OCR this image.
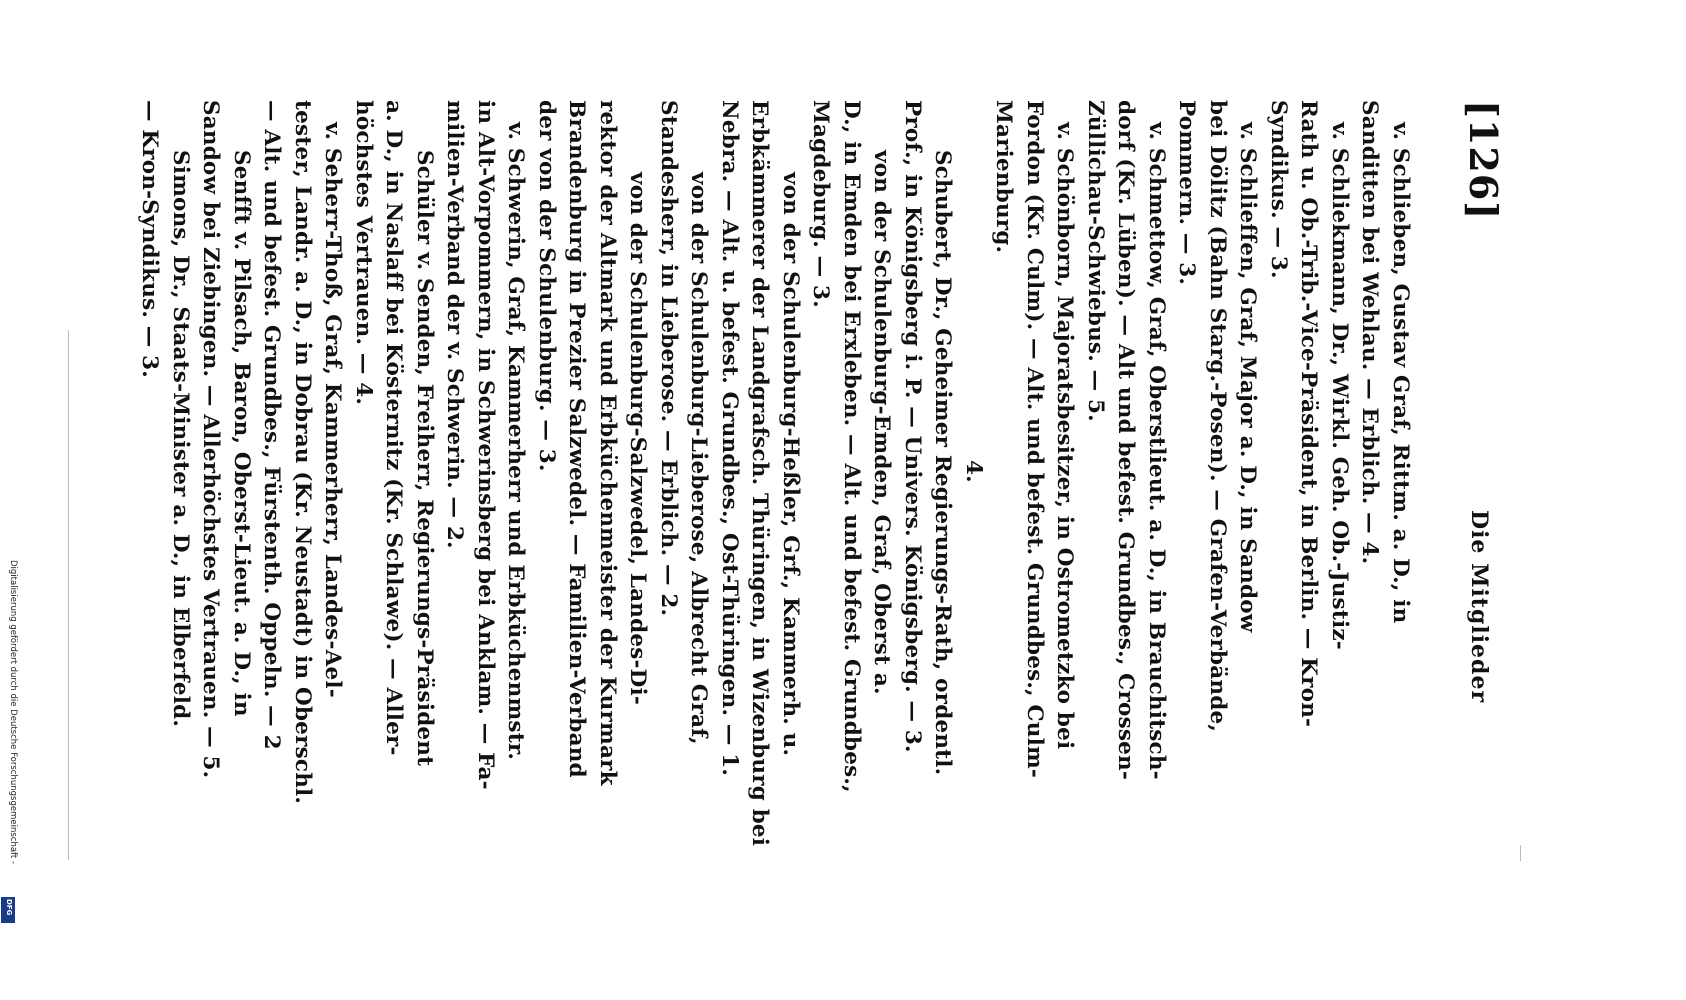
[126]
Die Mitglieder
v. Schlieben, Gustav Graf, Rittm. a. D., in
Sanditten bei Wehlau. — Erblich. — 4.
v. Schliekmann, Dr., Wirkl. Geh. Ob.-Justiz-
Rath u. Ob.-Trib.-Vice-Präsident, in Berlin. — Kron-
Syndikus. — 3.
v. Schlieffen, Graf, Major a. D., in Sandow
bei Dölitz (Bahn Starg.-Posen). — Grafen-Verbände,
Pommern. — 3.
v. Schmettow, Graf, Oberstlieut. a. D., in Brauchitsch-
dorf (Kr. Lüben). — Alt und befest. Grundbes., Crossen-
Züllichau-Schwiebus. — 5.
v. Schönborn, Majoratsbesitzer, in Ostrometzko bei
Fordon (Kr. Culm). — Alt. und befest. Grundbes., Culm-
Marienburg.
4.
Schubert, Dr., Geheimer Regierungs-Rath, ordentl.
Prof., in Königsberg i. P. — Univers. Königsberg. — 3.
von der Schulenburg-Emden, Graf, Oberst a.
D., in Emden bei Erxleben. — Alt. und befest. Grundbes.,
Magdeburg. — 3.
von der Schulenburg-Heßler, Grf., Kammerh. u.
Erbkämmerer der Landgrafsch. Thüringen, in Wizenburg bei
Nebra. — Alt. u. befest. Grundbes., Ost-Thüringen. — 1.
von der Schulenburg-Lieberose, Albrecht Graf,
Standesherr, in Lieberose. — Erblich. — 2.
von der Schulenburg-Salzwedel, Landes-Di-
rektor der Altmark und Erbküchenmeister der Kurmark
Brandenburg in Prezier Salzwedel. — Familien-Verband
der von der Schulenburg. — 3.
v. Schwerin, Graf, Kammerherr und Erbküchenmstr.
in Alt-Vorpommern, in Schwerinsberg bei Anklam. — Fa-
milien-Verband der v. Schwerin. — 2.
Schüler v. Senden, Freiherr, Regierungs-Präsident
a. D., in Naslaff bei Kösternitz (Kr. Schlawe). — Aller-
höchstes Vertrauen. — 4.
v. Seherr-Thoß, Graf, Kammerherr, Landes-Ael-
tester, Landr. a. D., in Dobrau (Kr. Neustadt) in Oberschl.
— Alt. und befest. Grundbes., Fürstenth. Oppeln. — 2
Senfft v. Pilsach, Baron, Oberst-Lieut. a. D., in
Sandow bei Ziebingen. — Allerhöchstes Vertrauen. — 5.
Simons, Dr., Staats-Minister a. D., in Elberfeld.
— Kron-Syndikus. — 3.
Digitalisierung gefördert durch die Deutsche Forschungsgemeinschaft -
DFG
